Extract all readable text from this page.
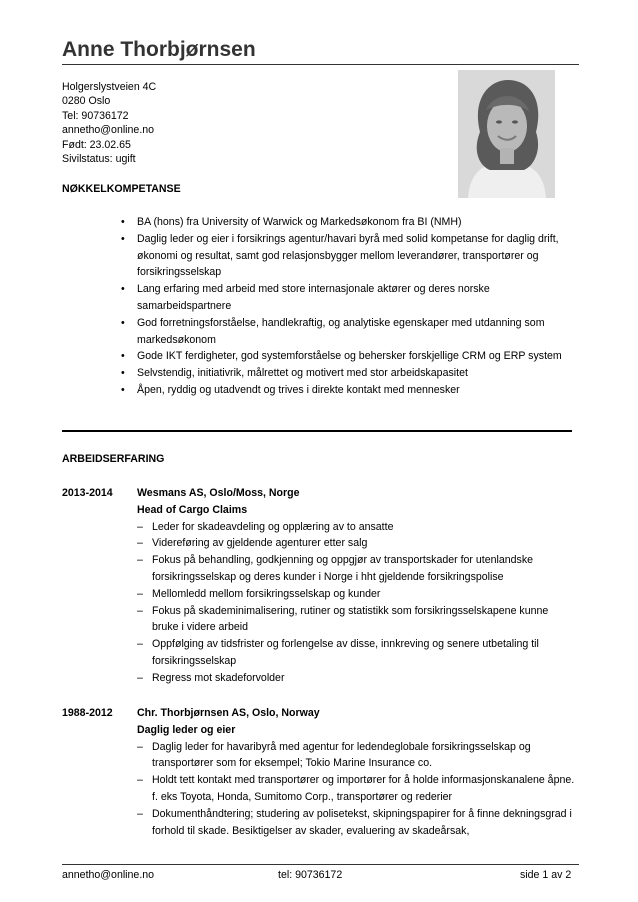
Anne Thorbjørnsen
Holgerslystveien 4C
0280 Oslo
Tel: 90736172
annetho@online.no
Født: 23.02.65
Sivilstatus: ugift
NØKKELKOMPETANSE
• BA (hons) fra University of Warwick og Markedsøkonom fra BI (NMH)
• Daglig leder og eier i forsikrings agentur/havari byrå med solid kompetanse for daglig drift, økonomi og resultat, samt god relasjonsbygger mellom leverandører, transportører og forsikringsselskap
• Lang erfaring med arbeid med store internasjonale aktører og deres norske samarbeidspartnere
• God forretningsforståelse, handlekraftig, og analytiske egenskaper med utdanning som markedsøkonom
• Gode IKT ferdigheter, god systemforståelse og behersker forskjellige CRM og ERP system
• Selvstendig, initiativrik, målrettet og motivert med stor arbeidskapasitet
• Åpen, ryddig og utadvendt og trives i direkte kontakt med mennesker
ARBEIDSERFARING
2013-2014 Wesmans AS, Oslo/Moss, Norge
Head of Cargo Claims
– Leder for skadeavdeling og opplæring av to ansatte
– Videreføring av gjeldende agenturer etter salg
– Fokus på behandling, godkjenning og oppgjør av transportskader for utenlandske forsikringsselskap og deres kunder i Norge i hht gjeldende forsikringspolise
– Mellomledd mellom forsikringsselskap og kunder
– Fokus på skademinimalisering, rutiner og statistikk som forsikringsselskapene kunne bruke i videre arbeid
– Oppfølging av tidsfrister og forlengelse av disse, innkreving og senere utbetaling til forsikringsselskap
– Regress mot skadeforvolder
1988-2012 Chr. Thorbjørnsen AS, Oslo, Norway
Daglig leder og eier
– Daglig leder for havaribyrå med agentur for ledendeglobale forsikringsselskap og transportører som for eksempel; Tokio Marine Insurance co.
– Holdt tett kontakt med transportører og importører for å holde informasjonskanalene åpne. f. eks Toyota, Honda, Sumitomo Corp., transportører og rederier
– Dokumenthåndtering; studering av polisetekst, skipningspapirer for å finne dekningsgrad i forhold til skade. Besiktigelser av skader, evaluering av skadeårsak,
annetho@online.no	tel: 90736172	side 1 av 2
